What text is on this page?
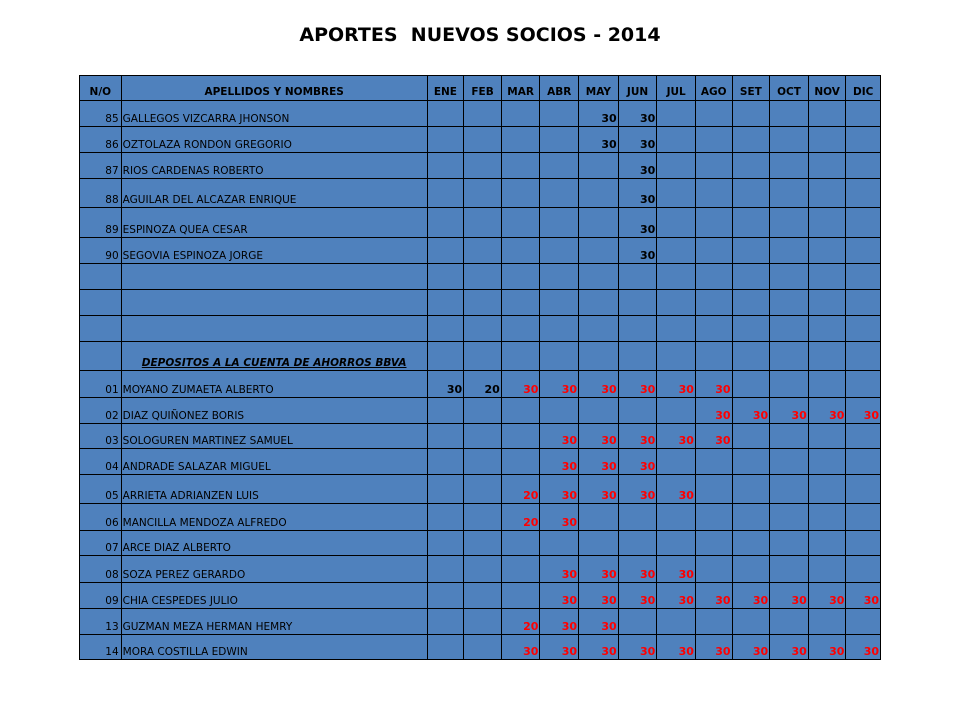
APORTES  NUEVOS SOCIOS - 2014
N/O	APELLIDOS Y NOMBRES	ENE	FEB	MAR	ABR	MAY	JUN	JUL	AGO	SET	OCT	NOV	DIC
85	GALLEGOS VIZCARRA JHONSON					30	30						
86	OZTOLAZA RONDON GREGORIO					30	30						
87	RIOS CARDENAS ROBERTO						30						
88	AGUILAR DEL ALCAZAR ENRIQUE						30						
89	ESPINOZA QUEA CESAR						30						
90	SEGOVIA ESPINOZA JORGE						30						

	DEPOSITOS A LA CUENTA DE AHORROS BBVA												
01	MOYANO ZUMAETA ALBERTO	30	20	30	30	30	30	30	30				
02	DIAZ QUIÑONEZ BORIS								30	30	30	30	30
03	SOLOGUREN MARTINEZ SAMUEL				30	30	30	30	30				
04	ANDRADE SALAZAR MIGUEL				30	30	30						
05	ARRIETA ADRIANZEN LUIS			20	30	30	30	30					
06	MANCILLA MENDOZA ALFREDO			20	30								
07	ARCE DIAZ ALBERTO												
08	SOZA PEREZ GERARDO				30	30	30	30					
09	CHIA CESPEDES JULIO				30	30	30	30	30	30	30	30	30
13	GUZMAN MEZA HERMAN HEMRY			20	30	30							
14	MORA COSTILLA EDWIN			30	30	30	30	30	30	30	30	30	30
